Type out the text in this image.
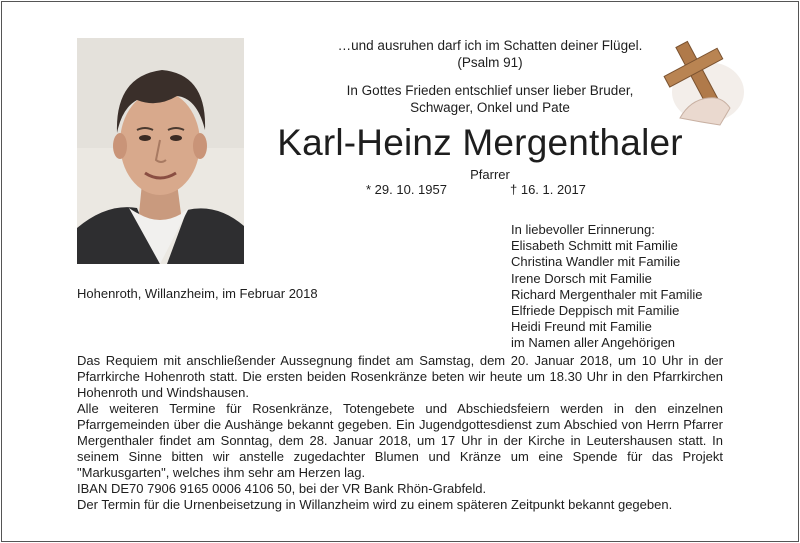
…und ausruhen darf ich im Schatten deiner Flügel.
(Psalm 91)
In Gottes Frieden entschlief unser lieber Bruder,
Schwager, Onkel und Pate
Karl-Heinz Mergenthaler
Pfarrer
* 29. 10. 1957	† 16. 1. 2017
Hohenroth, Willanzheim, im Februar 2018
In liebevoller Erinnerung:
Elisabeth Schmitt mit Familie
Christina Wandler mit Familie
Irene Dorsch mit Familie
Richard Mergenthaler mit Familie
Elfriede Deppisch mit Familie
Heidi Freund mit Familie
im Namen aller Angehörigen

Das Requiem mit anschließender Aussegnung findet am Samstag, dem 20. Januar 2018, um 10 Uhr in der Pfarrkirche Hohenroth statt. Die ersten beiden Rosenkränze beten wir heute um 18.30 Uhr in den Pfarrkirchen Hohenroth und Windshausen.

Alle weiteren Termine für Rosenkränze, Totengebete und Abschiedsfeiern werden in den einzelnen Pfarrgemeinden über die Aushänge bekannt gegeben. Ein Jugendgottesdienst zum Abschied von Herrn Pfarrer Mergenthaler findet am Sonntag, dem 28. Januar 2018, um 17 Uhr in der Kirche in Leutershausen statt. In seinem Sinne bitten wir anstelle zugedachter Blumen und Kränze um eine Spende für das Projekt "Markusgarten", welches ihm sehr am Herzen lag.

IBAN DE70 7906 9165 0006 4106 50, bei der VR Bank Rhön-Grabfeld.

Der Termin für die Urnenbeisetzung in Willanzheim wird zu einem späteren Zeitpunkt bekannt gegeben.
